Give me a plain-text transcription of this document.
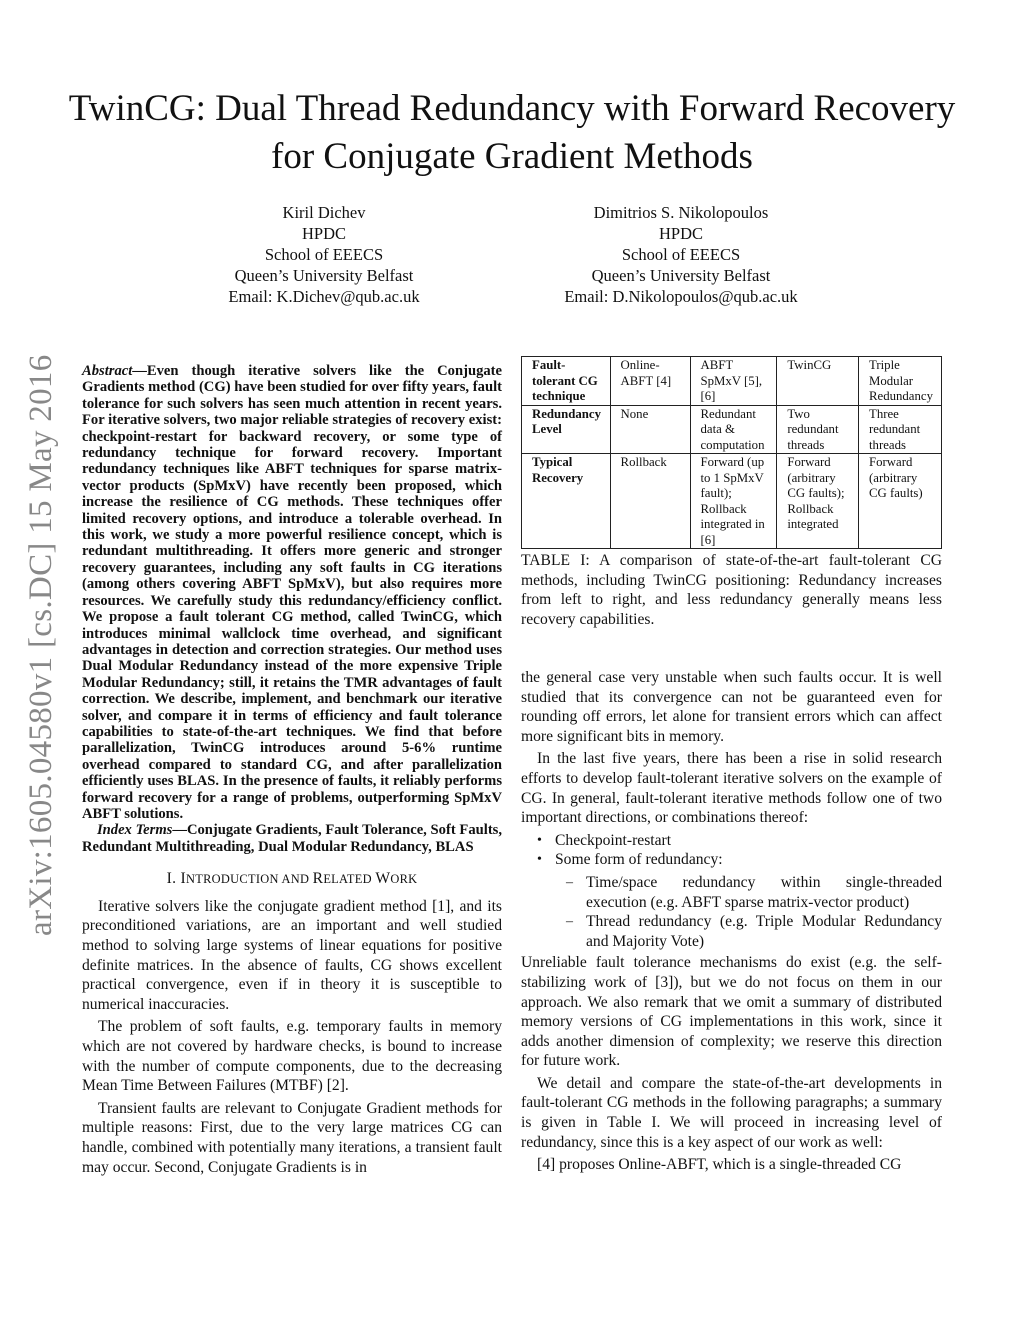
TwinCG: Dual Thread Redundancy with Forward Recovery for Conjugate Gradient Methods
Kiril Dichev
HPDC
School of EEECS
Queen’s University Belfast
Email: K.Dichev@qub.ac.uk
Dimitrios S. Nikolopoulos
HPDC
School of EEECS
Queen’s University Belfast
Email: D.Nikolopoulos@qub.ac.uk
arXiv:1605.04580v1 [cs.DC] 15 May 2016 Abstract—Even though iterative solvers like the Conjugate Gradients method (CG) have been studied for over fifty years, fault tolerance for such solvers has seen much attention in recent years. For iterative solvers, two major reliable strategies of recovery exist: checkpoint-restart for backward recovery, or some type of redundancy technique for forward recovery. Important redundancy techniques like ABFT techniques for sparse matrix-vector products (SpMxV) have recently been proposed, which increase the resilience of CG methods. These techniques offer limited recovery options, and introduce a tolerable overhead. In this work, we study a more powerful resilience concept, which is redundant multithreading. It offers more generic and stronger recovery guarantees, including any soft faults in CG iterations (among others covering ABFT SpMxV), but also requires more resources. We carefully study this redundancy/efficiency conflict. We propose a fault tolerant CG method, called TwinCG, which introduces minimal wallclock time overhead, and significant advantages in detection and correction strategies. Our method uses Dual Modular Redundancy instead of the more expensive Triple Modular Redundancy; still, it retains the TMR advantages of fault correction. We describe, implement, and benchmark our iterative solver, and compare it in terms of efficiency and fault tolerance capabilities to state-of-the-art techniques. We find that before parallelization, TwinCG introduces around 5-6% runtime overhead compared to standard CG, and after parallelization efficiently uses BLAS. In the presence of faults, it reliably performs forward recovery for a range of problems, outperforming SpMxV ABFT solutions.
Index Terms—Conjugate Gradients, Fault Tolerance, Soft Faults, Redundant Multithreading, Dual Modular Redundancy, BLAS
I. INTRODUCTION AND RELATED WORK

Iterative solvers like the conjugate gradient method [1], and its preconditioned variations, are an important and well studied method to solving large systems of linear equations for positive definite matrices. In the absence of faults, CG shows excellent practical convergence, even if in theory it is susceptible to numerical inaccuracies.

The problem of soft faults, e.g. temporary faults in memory which are not covered by hardware checks, is bound to increase with the number of compute components, due to the decreasing Mean Time Between Failures (MTBF) [2].

Transient faults are relevant to Conjugate Gradient methods for multiple reasons: First, due to the very large matrices CG can handle, combined with potentially many iterations, a transient fault may occur. Second, Conjugate Gradients is in

Fault-tolerant CG technique	Online-ABFT [4]	ABFT SpMxV [5], [6]	TwinCG	Triple Modular Redundancy
Redundancy Level	None	Redundant data & computation	Two redundant threads	Three redundant threads
Typical Recovery	Rollback	Forward (up to 1 SpMxV fault); Rollback integrated in [6]	Forward (arbitrary CG faults); Rollback integrated	Forward (arbitrary CG faults)
TABLE I: A comparison of state-of-the-art fault-tolerant CG methods, including TwinCG positioning: Redundancy increases from left to right, and less redundancy generally means less recovery capabilities.

the general case very unstable when such faults occur. It is well studied that its convergence can not be guaranteed even for rounding off errors, let alone for transient errors which can affect more significant bits in memory.

In the last five years, there has been a rise in solid research efforts to develop fault-tolerant iterative solvers on the example of CG. In general, fault-tolerant iterative methods follow one of two important directions, or combinations thereof:

• Checkpoint-restart
• Some form of redundancy:
– Time/space redundancy within single-threaded execution (e.g. ABFT sparse matrix-vector product)
– Thread redundancy (e.g. Triple Modular Redundancy and Majority Vote)

Unreliable fault tolerance mechanisms do exist (e.g. the self-stabilizing work of [3]), but we do not focus on them in our approach. We also remark that we omit a summary of distributed memory versions of CG implementations in this work, since it adds another dimension of complexity; we reserve this direction for future work.

We detail and compare the state-of-the-art developments in fault-tolerant CG methods in the following paragraphs; a summary is given in Table I. We will proceed in increasing level of redundancy, since this is a key aspect of our work as well:

[4] proposes Online-ABFT, which is a single-threaded CG
